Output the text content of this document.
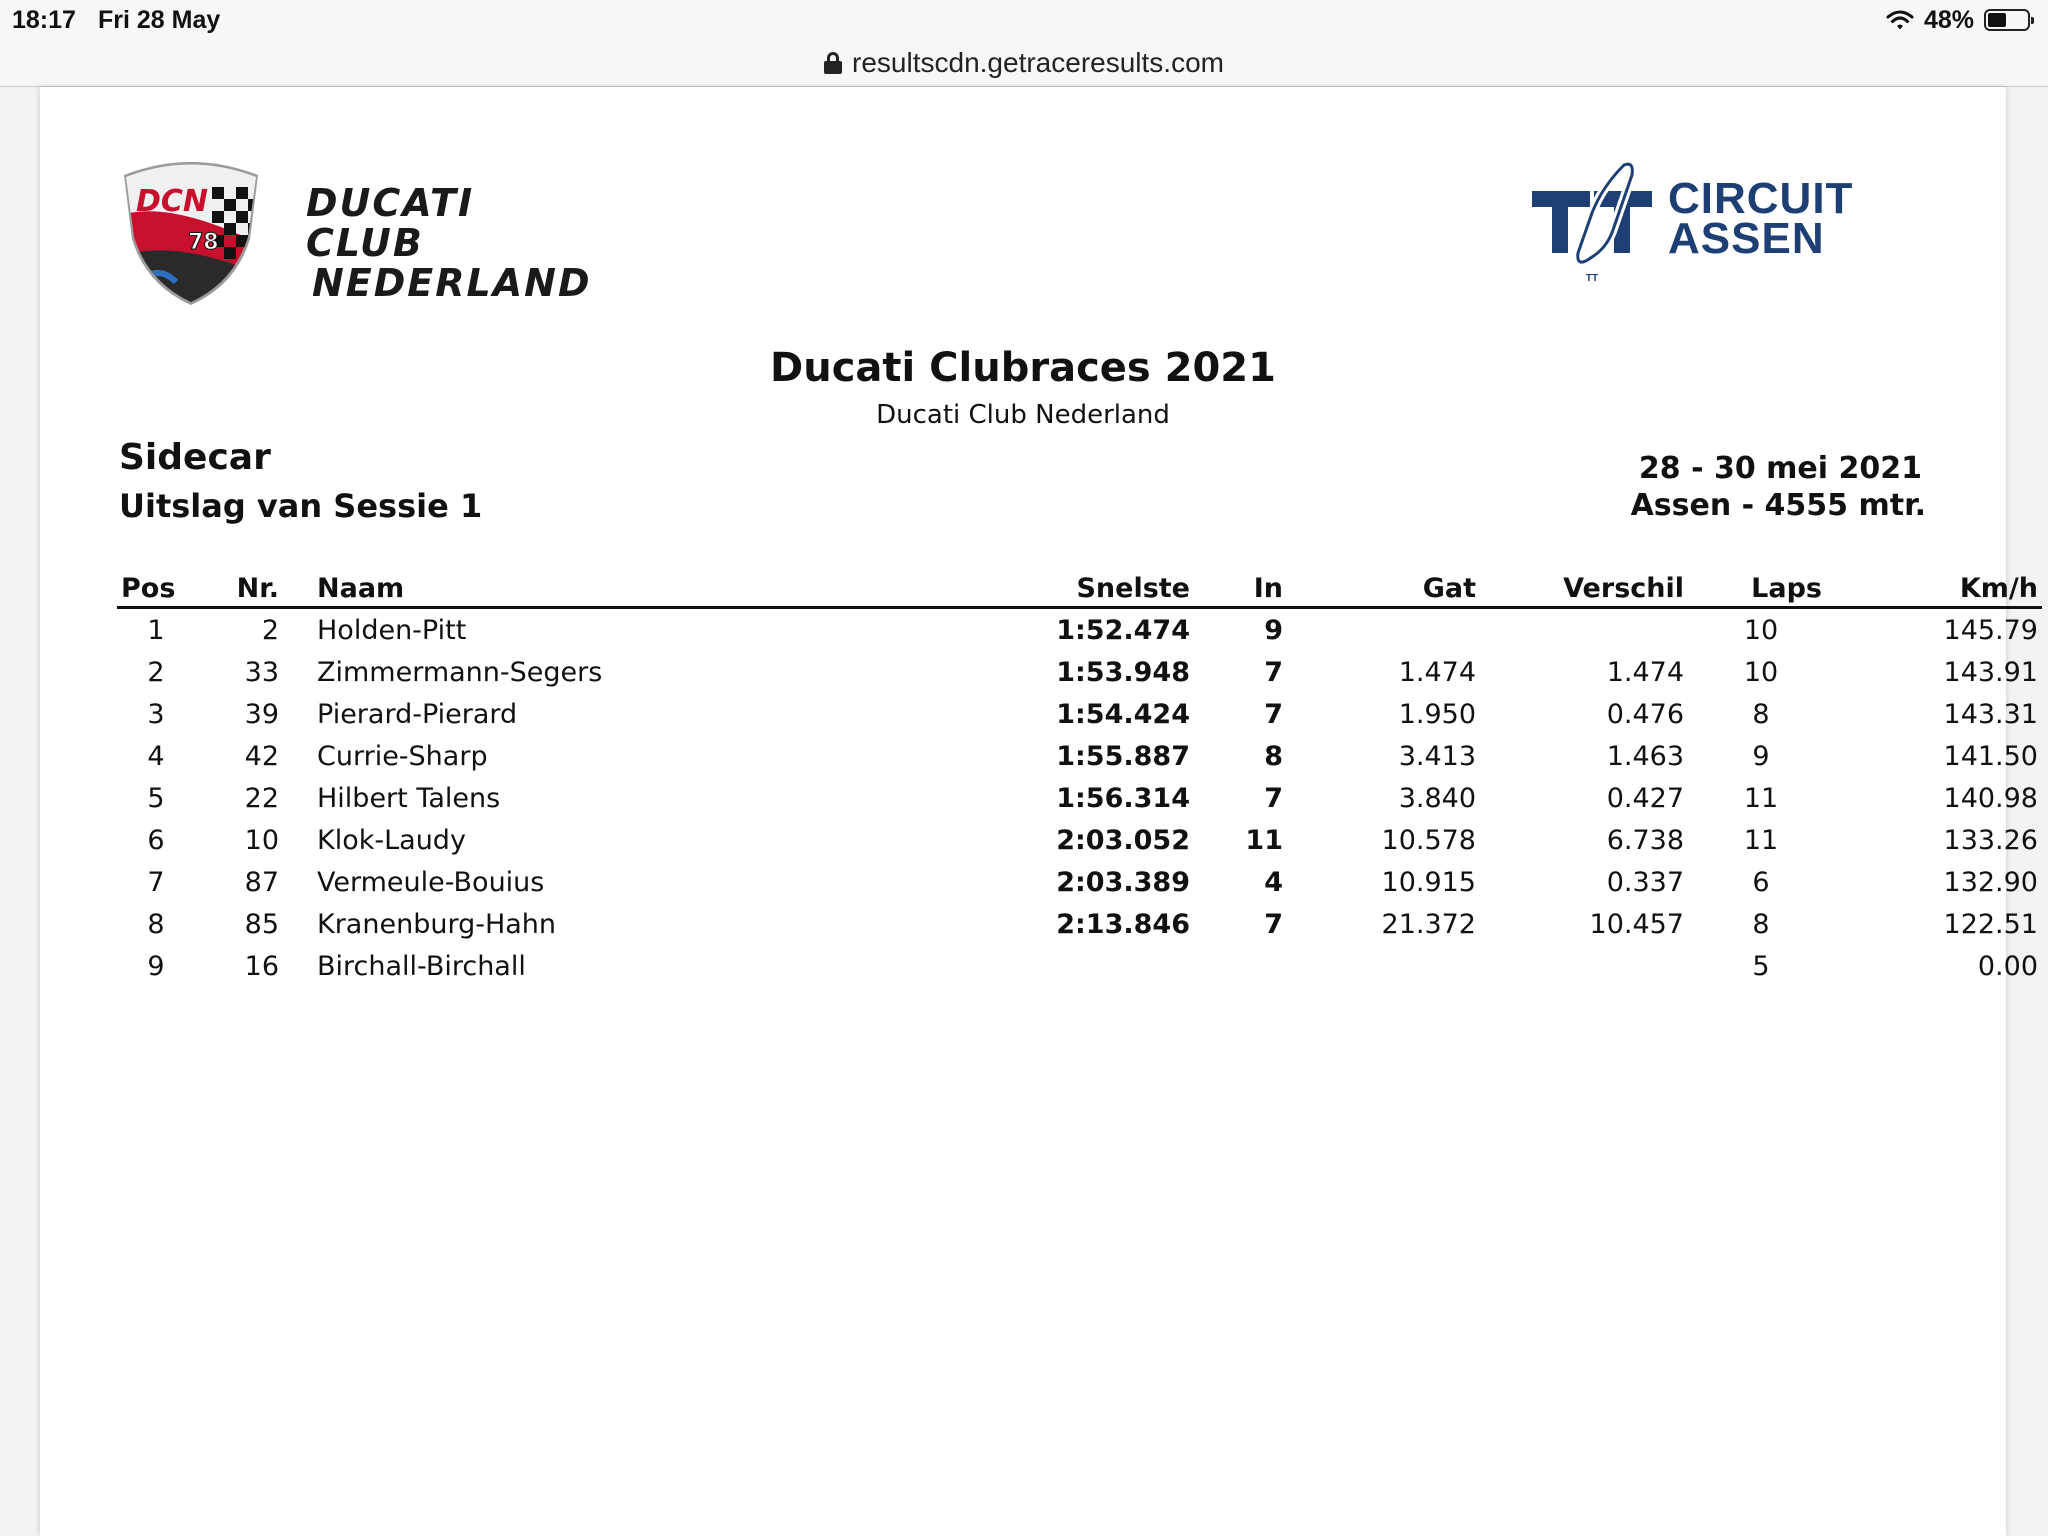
18:17 Fri 28 May	48%
resultscdn.getraceresults.com
DCN
78
DUCATI CLUB
NEDERLAND	TT
CIRCUIT
ASSEN
Ducati Clubraces 2021
Ducati Club Nederland
Sidecar
Uitslag van Sessie 1
28 - 30 mei 2021
Assen - 4555 mtr.
Pos	Nr.	Naam	Snelste	In	Gat	Verschil	Laps	Km/h
1	2	Holden-Pitt	1:52.474	9			10	145.79
2	33	Zimmermann-Segers	1:53.948	7	1.474	1.474	10	143.91
3	39	Pierard-Pierard	1:54.424	7	1.950	0.476	8	143.31
4	42	Currie-Sharp	1:55.887	8	3.413	1.463	9	141.50
5	22	Hilbert Talens	1:56.314	7	3.840	0.427	11	140.98
6	10	Klok-Laudy	2:03.052	11	10.578	6.738	11	133.26
7	87	Vermeule-Bouius	2:03.389	4	10.915	0.337	6	132.90
8	85	Kranenburg-Hahn	2:13.846	7	21.372	10.457	8	122.51
9	16	Birchall-Birchall					5	0.00
